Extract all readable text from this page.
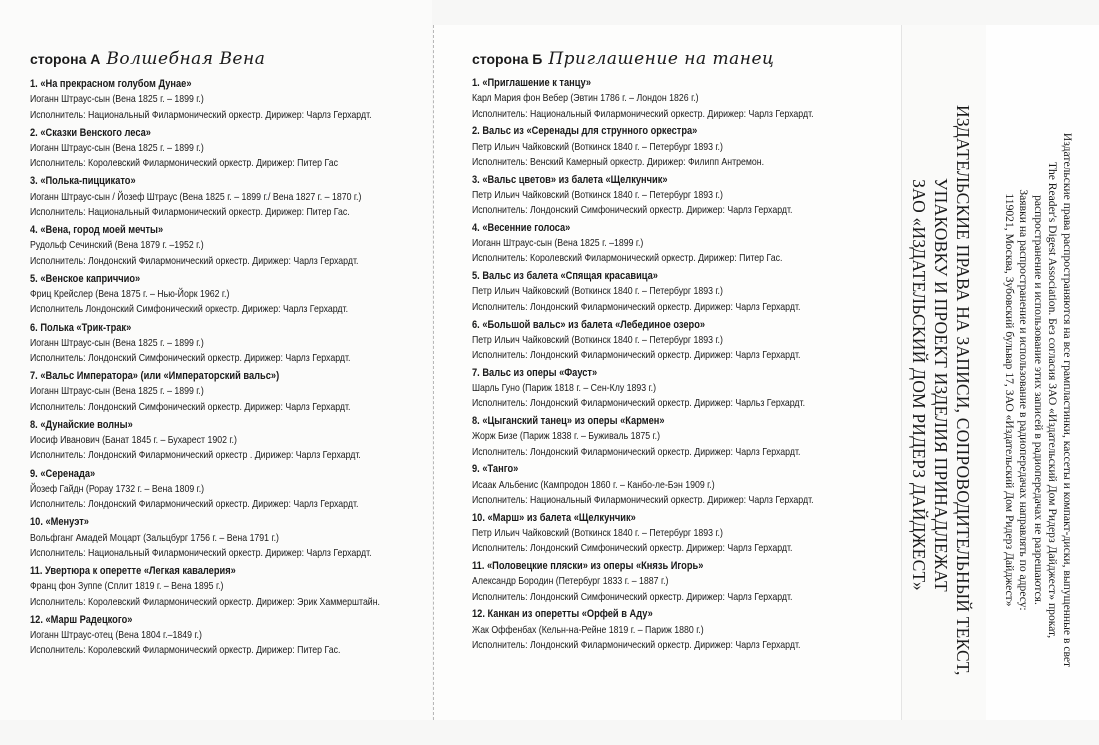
сторона А Волшебная Вена
1. «На прекрасном голубом Дунае»
Иоганн Штраус-сын (Вена 1825 г. – 1899 г.)
Исполнитель: Национальный Филармонический оркестр. Дирижер: Чарлз Герхардт.
2. «Сказки Венского леса»
Иоганн Штраус-сын (Вена 1825 г. – 1899 г.)
Исполнитель: Королевский Филармонический оркестр. Дирижер: Питер Гас
3. «Полька-пиццикато»
Иоганн Штраус-сын / Йозеф Штраус (Вена 1825 г. – 1899 г./ Вена 1827 г. – 1870 г.)
Исполнитель: Национальный Филармонический оркестр. Дирижер: Питер Гас.
4. «Вена, город моей мечты»
Рудольф Сечинский (Вена 1879 г. –1952 г.)
Исполнитель: Лондонский Филармонический оркестр. Дирижер: Чарлз Герхардт.
5. «Венское каприччио»
Фриц Крейслер (Вена 1875 г. – Нью-Йорк 1962 г.)
Исполнитель Лондонский Симфонический оркестр. Дирижер: Чарлз Герхардт.
6. Полька «Трик-трак»
Иоганн Штраус-сын (Вена 1825 г. – 1899 г.)
Исполнитель: Лондонский Симфонический оркестр. Дирижер: Чарлз Герхардт.
7. «Вальс Императора» (или «Императорский вальс»)
Иоганн Штраус-сын (Вена 1825 г. – 1899 г.)
Исполнитель: Лондонский Симфонический оркестр. Дирижер: Чарлз Герхардт.
8. «Дунайские волны»
Иосиф Иванович (Банат 1845 г. – Бухарест 1902 г.)
Исполнитель: Лондонский Филармонический оркестр . Дирижер: Чарлз Герхардт.
9. «Серенада»
Йозеф Гайдн (Рорау 1732 г. – Вена 1809 г.)
Исполнитель: Лондонский Филармонический оркестр. Дирижер: Чарлз Герхардт.
10. «Менуэт»
Вольфганг Амадей Моцарт (Зальцбург 1756 г. – Вена 1791 г.)
Исполнитель: Национальный Филармонический оркестр. Дирижер: Чарлз Герхардт.
11. Увертюра к оперетте «Легкая кавалерия»
Франц фон Зуппе (Сплит 1819 г. – Вена 1895 г.)
Исполнитель: Королевский Филармонический оркестр. Дирижер: Эрик Хаммерштайн.
12. «Марш Радецкого»
Иоганн Штраус-отец (Вена 1804 г.–1849 г.)
Исполнитель: Королевский Филармонический оркестр. Дирижер: Питер Гас.
сторона Б Приглашение на танец
1. «Приглашение к танцу»
Карл Мария фон Вебер (Эвтин 1786 г. – Лондон 1826 г.)
Исполнитель: Национальный Филармонический оркестр. Дирижер: Чарлз Герхардт.
2. Вальс из «Серенады для струнного оркестра»
Петр Ильич Чайковский (Воткинск 1840 г. – Петербург 1893 г.)
Исполнитель: Венский Камерный оркестр. Дирижер: Филипп Антремон.
3. «Вальс цветов» из балета «Щелкунчик»
Петр Ильич Чайковский (Воткинск 1840 г. – Петербург 1893 г.)
Исполнитель: Лондонский Симфонический оркестр. Дирижер: Чарлз Герхардт.
4. «Весенние голоса»
Иоганн Штраус-сын (Вена 1825 г. –1899 г.)
Исполнитель: Королевский Филармонический оркестр. Дирижер: Питер Гас.
5. Вальс из балета «Спящая красавица»
Петр Ильич Чайковский (Воткинск 1840 г. – Петербург 1893 г.)
Исполнитель: Лондонский Филармонический оркестр. Дирижер: Чарлз Герхардт.
6. «Большой вальс» из балета «Лебединое озеро»
Петр Ильич Чайковский (Воткинск 1840 г. – Петербург 1893 г.)
Исполнитель: Лондонский Филармонический оркестр. Дирижер: Чарлз Герхардт.
7. Вальс из оперы «Фауст»
Шарль Гуно (Париж 1818 г. – Сен-Клу 1893 г.)
Исполнитель: Лондонский Филармонический оркестр. Дирижер: Чарльз Герхардт.
8. «Цыганский танец» из оперы «Кармен»
Жорж Бизе (Париж 1838 г. – Буживаль 1875 г.)
Исполнитель: Лондонский Филармонический оркестр. Дирижер: Чарлз Герхардт.
9. «Танго»
Исаак Альбенис (Кампродон 1860 г. – Канбо-ле-Бэн 1909 г.)
Исполнитель: Национальный Филармонический оркестр. Дирижер: Чарлз Герхардт.
10. «Марш» из балета «Щелкунчик»
Петр Ильич Чайковский (Воткинск 1840 г. – Петербург 1893 г.)
Исполнитель: Лондонский Симфонический оркестр. Дирижер: Чарлз Герхардт.
11. «Половецкие пляски» из оперы «Князь Игорь»
Александр Бородин (Петербург 1833 г. – 1887 г.)
Исполнитель: Лондонский Симфонический оркестр. Дирижер: Чарлз Герхардт.
12. Канкан из оперетты «Орфей в Аду»
Жак Оффенбах (Кельн-на-Рейне 1819 г. – Париж 1880 г.)
Исполнитель: Лондонский Филармонический оркестр. Дирижер: Чарлз Герхардт.	ИЗДАТЕЛЬСКИЕ ПРАВА НА ЗАПИСИ, СОПРОВОДИТЕЛЬНЫЙ ТЕКСТ,
УПАКОВКУ И ПРОЕКТ ИЗДЕЛИЯ ПРИНАДЛЕЖАТ
ЗАО «ИЗДАТЕЛЬСКИЙ ДОМ РИДЕРЗ ДАЙДЖЕСТ»	Издательские права распространяются на все грампластинки, кассеты и компакт-диски, выпущенные в свет
The Reader's Digest Association. Без согласия ЗАО «Издательский Дом Ридерз Дайджест» прокат,
распространение и использование этих записей в радиопередачах не разрешаются.
Заявки на распространение и использование в радиопередачах направлять по адресу:
119021, Москва, Зубовский бульвар 17, ЗАО «Издательский Дом Ридерз Дайджест»
